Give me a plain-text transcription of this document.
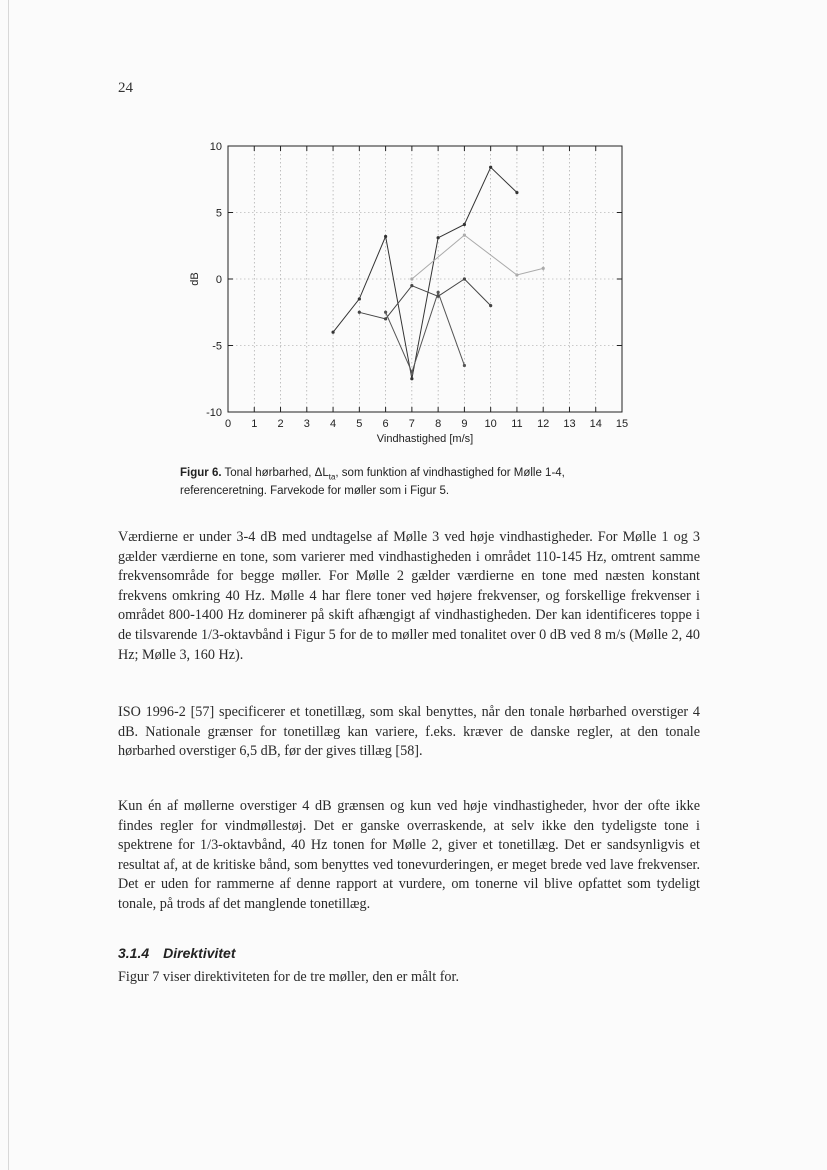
24
0 1 2 3 4 5 6 7 8 9 10 11 12 13 14 15
-10
-5
0
5
10
Vindhastighed [m/s]
dB
Figur 6. Tonal hørbarhed, $\Delta L_{ta}$, som funktion af vindhastighed for Mølle 1-4, referenceretning. Farvekode for møller som i Figur 5.
Værdierne er under 3-4 dB med undtagelse af Mølle 3 ved høje vindhastigheder. For Mølle 1 og 3 gælder værdierne en tone, som varierer med vindhastigheden i området 110-145 Hz, omtrent samme frekvensområde for begge møller. For Mølle 2 gælder værdierne en tone med næsten konstant frekvens omkring 40 Hz. Mølle 4 har flere toner ved højere frekvenser, og forskellige frekvenser i området 800-1400 Hz dominerer på skift afhængigt af vindhastigheden. Der kan identificeres toppe i de tilsvarende 1/3-oktavbånd i Figur 5 for de to møller med tonalitet over 0 dB ved 8 m/s (Mølle 2, 40 Hz; Mølle 3, 160 Hz).
ISO 1996-2 [57] specificerer et tonetillæg, som skal benyttes, når den tonale hørbarhed overstiger 4 dB. Nationale grænser for tonetillæg kan variere, f.eks. kræver de danske regler, at den tonale hørbarhed overstiger 6,5 dB, før der gives tillæg [58].
Kun én af møllerne overstiger 4 dB grænsen og kun ved høje vindhastigheder, hvor der ofte ikke findes regler for vindmøllestøj. Det er ganske overraskende, at selv ikke den tydeligste tone i spektrene for 1/3-oktavbånd, 40 Hz tonen for Mølle 2, giver et tonetillæg. Det er sandsynligvis et resultat af, at de kritiske bånd, som benyttes ved tonevurderingen, er meget brede ved lave frekvenser. Det er uden for rammerne af denne rapport at vurdere, om tonerne vil blive opfattet som tydeligt tonale, på trods af det manglende tonetillæg.
3.1.4 Direktivitet
Figur 7 viser direktiviteten for de tre møller, den er målt for.
